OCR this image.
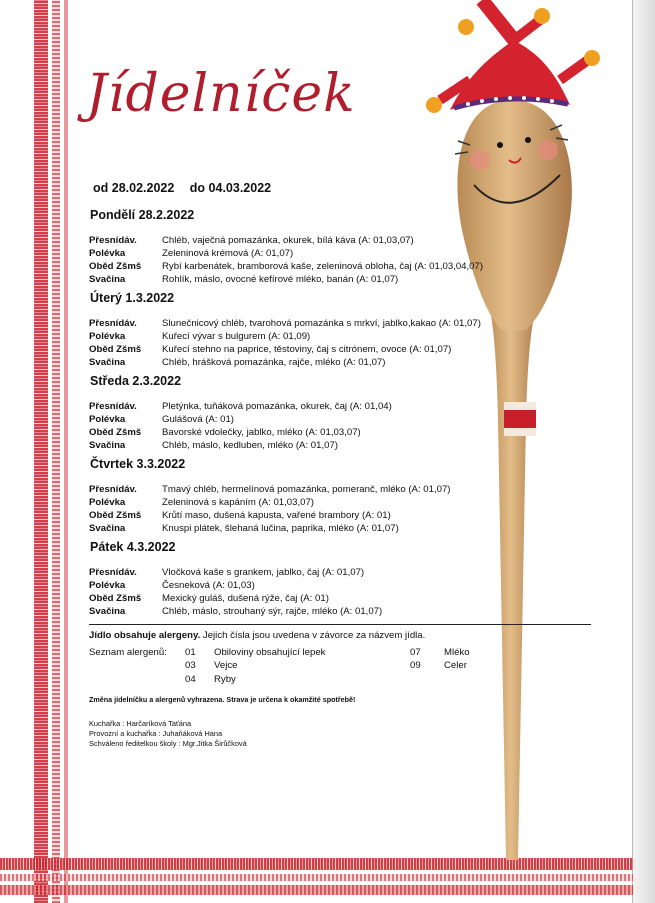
Jídelníček
od 28.02.2022 do 04.03.2022
Pondělí 28.2.2022
Přesnídáv.	Chléb, vaječná pomazánka, okurek, bílá káva (A: 01,03,07)
Polévka	Zeleninová krémová (A: 01,07)
Oběd Zšmš	Rybí karbenátek, bramborová kaše, zeleninová obloha, čaj (A: 01,03,04,07)
Svačina	Rohlík, máslo, ovocné kefírové mléko, banán (A: 01,07)
Úterý 1.3.2022
Přesnídáv.	Slunečnicový chléb, tvarohová pomazánka s mrkví, jablko,kakao (A: 01,07)
Polévka	Kuřecí vývar s bulgurem (A: 01,09)
Oběd Zšmš	Kuřecí stehno na paprice, těstoviny, čaj s citrónem, ovoce (A: 01,07)
Svačina	Chléb, hrášková pomazánka, rajče, mléko (A: 01,07)
Středa 2.3.2022
Přesnídáv.	Pletýnka, tuňáková pomazánka, okurek, čaj (A: 01,04)
Polévka	Gulášová (A: 01)
Oběd Zšmš	Bavorské vdolečky, jablko, mléko (A: 01,03,07)
Svačina	Chléb, máslo, kedluben, mléko (A: 01,07)
Čtvrtek 3.3.2022
Přesnídáv.	Tmavý chléb, hermelínová pomazánka, pomeranč, mléko (A: 01,07)
Polévka	Zeleninová s kapáním (A: 01,03,07)
Oběd Zšmš	Krůtí maso, dušená kapusta, vařené brambory (A: 01)
Svačina	Knuspi plátek, šlehaná lučina, paprika, mléko (A: 01,07)
Pátek 4.3.2022
Přesnídáv.	Vločková kaše s grankem, jablko, čaj (A: 01,07)
Polévka	Česneková (A: 01,03)
Oběd Zšmš	Mexický guláš, dušená rýže, čaj (A: 01)
Svačina	Chléb, máslo, strouhaný sýr, rajče, mléko (A: 01,07)
Jídlo obsahuje alergeny. Jejich čísla jsou uvedena v závorce za názvem jídla.
Seznam alergenů: 01 Obiloviny obsahující lepek
03 Vejce
04 Ryby
07 Mléko
09 Celer
Změna jídelníčku a alergenů vyhrazena. Strava je určena k okamžité spotřebě!
Kuchařka : Harčaríková Taťána
Provozní a kuchařka : Juhaňáková Hana
Schváleno ředitelkou školy : Mgr.Jitka Širůčková
